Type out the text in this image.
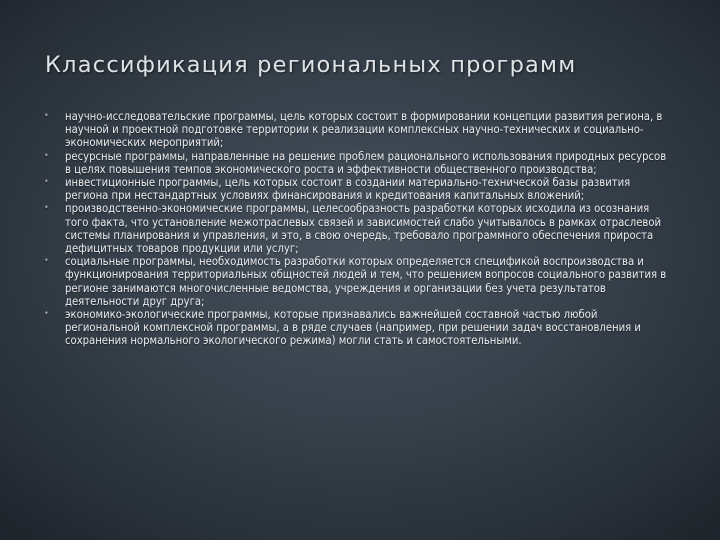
Классификация региональных программ
• научно-исследовательские программы, цель которых состоит в формировании концепции развития региона, в научной и проектной подготовке территории к реализации комплексных научно-технических и социально-экономических мероприятий;
• ресурсные программы, направленные на решение проблем рационального использования природных ресурсов в целях повышения темпов экономического роста и эффективности общественного производства;
• инвестиционные программы, цель которых состоит в создании материально-технической базы развития региона при нестандартных условиях финансирования и кредитования капитальных вложений;
• производственно-экономические программы, целесообразность разработки которых исходила из осознания того факта, что установление межотраслевых связей и зависимостей слабо учитывалось в рамках отраслевой системы планирования и управления, и это, в свою очередь, требовало программного обеспечения прироста дефицитных товаров продукции или услуг;
• социальные программы, необходимость разработки которых определяется спецификой воспроизводства и функционирования территориальных общностей людей и тем, что решением вопросов социального развития в регионе занимаются многочисленные ведомства, учреждения и организации без учета результатов деятельности друг друга;
• экономико-экологические программы, которые признавались важнейшей составной частью любой региональной комплексной программы, а в ряде случаев (например, при решении задач восстановления и сохранения нормального экологического режима) могли стать и самостоятельными.
